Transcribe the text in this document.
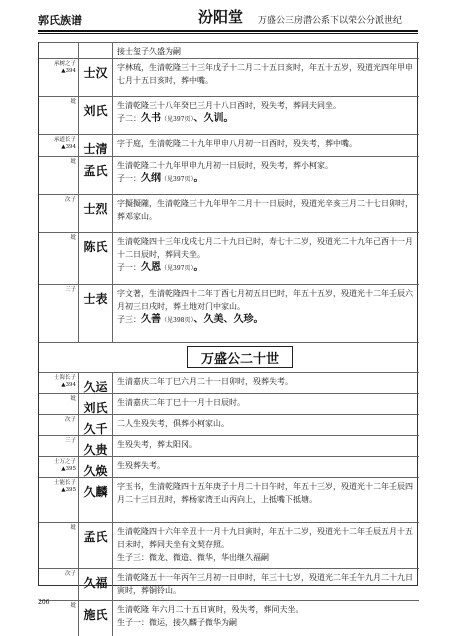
郭氏族谱	汾阳堂 万盛公三房潜公系下以荣公分派世纪
万盛公二十世
接士玺子久盛为嗣
承树之子▲394 士汉	字林琉，生清乾隆三十三年戊子十二月二十五日亥时，年五十五岁，殁道光四年甲申七月十五日亥时，葬中嘴。
妣
刘氏	生清乾隆三十八年癸巳三月十八日酉时，殁失考，葬同夫同坐。
子二：久书（见397页）、久训。
承道长子▲394 士清	字于庭，生清乾隆二十九年甲申八月初一日酉时，殁失考，葬中嘴。
妣
孟氏	生清乾隆二十九年甲申九月初一日辰时，殁失考，葬小柯家。
子一：久纲（见397页）。
次子
士烈	字擬擬隴，生清乾隆三十九年甲午二月十一日辰时，殁道光辛亥三月二十七日卯时，葬邓家山。
妣
陈氏	生清乾隆四十三年戊戌七月二十九日已时，寿七十二岁，殁道光二十九年己酉十一月十二日辰时，葬同夫坐。
子一：久恩（见397页）。
三子
士表	字文著，生清乾隆四十二年丁酉七月初五日巳时，年五十五岁，殁道光十二年壬辰六月初三日戌时，葬土地对门中家山。
子三：久善（见398页）、久美、久珍。
士海长子▲394 久运	生清嘉庆二年丁巳六月二十一日卯时，殁葬失考。
妣
刘氏	生清嘉庆二年丁巳十一月十日辰时。
次子
久千	二人生殁失考，俱葬小柯家山。
三子
久贵	生殁失考，葬太阳冈。
士万之子▲395 久焕	生殁葬失考。
士能长子▲395 久麟	字玉书，生清乾隆四十五年庚子十月二十日午时，年五十三岁，殁道光十二年壬辰四月二十三日丑时，葬杨家湾王山丙向上，上抵嘴下抵塘。
妣
孟氏	生清乾隆四十六年辛丑十一月十九日寅时，年五十二岁，殁道光十二年壬辰五月十五日未时，葬同夫坐有文契存照。
生子三：微龙、微造、微华，华出继久福嗣
次子
久福	生清乾隆五十一年丙午三月初一日申时，年三十七岁，殁道光二年壬午九月二十九日寅时，葬铜铃山。
妣
施氏	生清乾隆 年六月二十五日寅时，殁失考，葬同夫坐。
生子一：微运，接久麟子微华为嗣
206
